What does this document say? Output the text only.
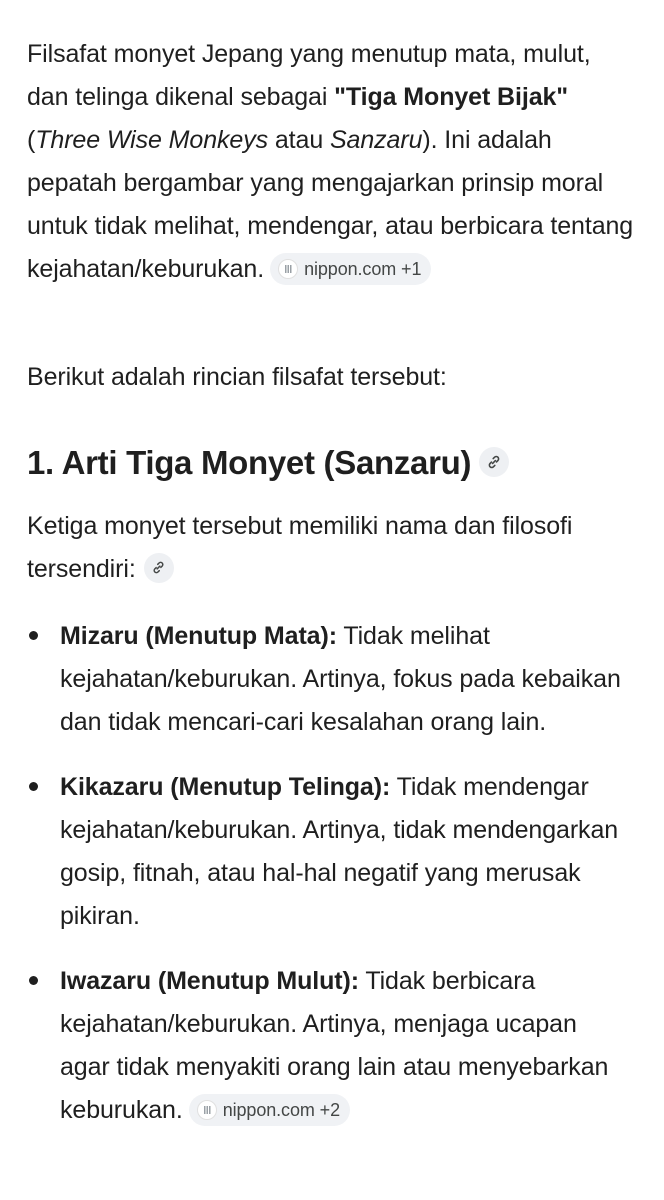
Filsafat monyet Jepang yang menutup mata, mulut, dan telinga dikenal sebagai "Tiga Monyet Bijak" (Three Wise Monkeys atau Sanzaru). Ini adalah pepatah bergambar yang mengajarkan prinsip moral untuk tidak melihat, mendengar, atau berbicara tentang kejahatan/keburukan. nippon.com +1

Berikut adalah rincian filsafat tersebut:

1. Arti Tiga Monyet (Sanzaru)

Ketiga monyet tersebut memiliki nama dan filosofi tersendiri:

Mizaru (Menutup Mata): Tidak melihat kejahatan/keburukan. Artinya, fokus pada kebaikan dan tidak mencari-cari kesalahan orang lain.
Kikazaru (Menutup Telinga): Tidak mendengar kejahatan/keburukan. Artinya, tidak mendengarkan gosip, fitnah, atau hal-hal negatif yang merusak pikiran.
Iwazaru (Menutup Mulut): Tidak berbicara kejahatan/keburukan. Artinya, menjaga ucapan agar tidak menyakiti orang lain atau menyebarkan keburukan. nippon.com +2
